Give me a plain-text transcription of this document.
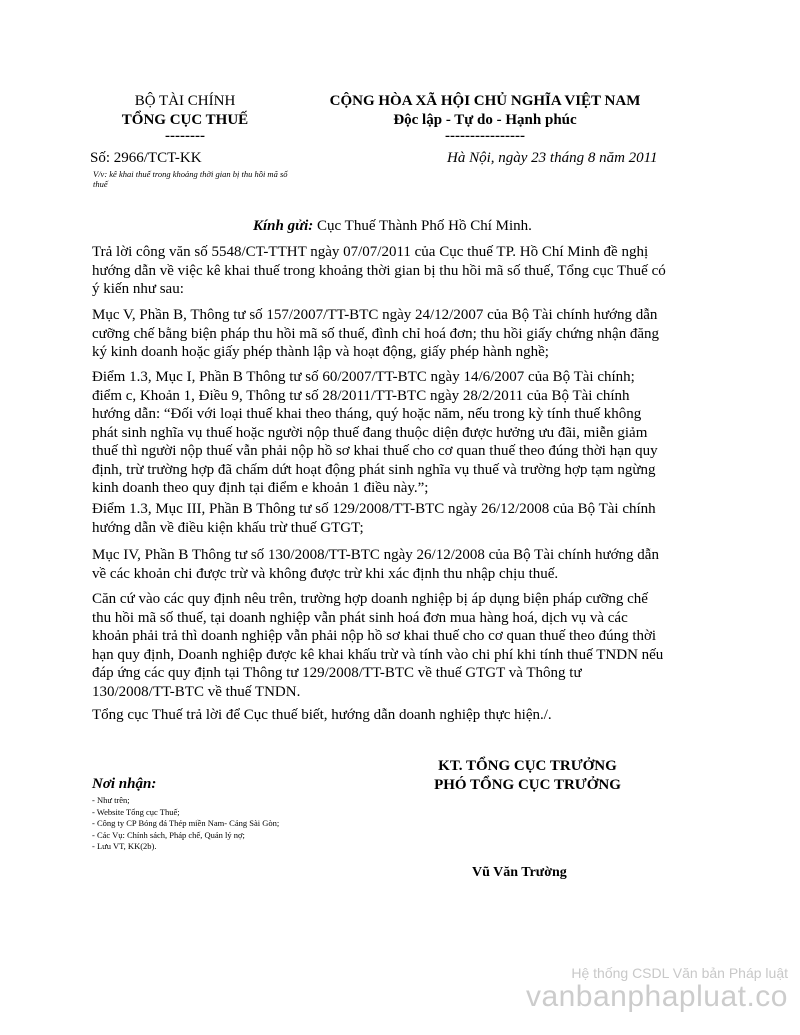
BỘ TÀI CHÍNH
TỔNG CỤC THUẾ
--------
CỘNG HÒA XÃ HỘI CHỦ NGHĨA VIỆT NAM
Độc lập - Tự do - Hạnh phúc
----------------
Số: 2966/TCT-KK	Hà Nội, ngày 23 tháng 8 năm 2011
V/v: kê khai thuế trong khoảng thời gian bị thu hồi mã số thuế
Kính gửi: Cục Thuế Thành Phố Hồ Chí Minh.
Trả lời công văn số 5548/CT-TTHT ngày 07/07/2011 của Cục thuế TP. Hồ Chí Minh đề nghị hướng dẫn về việc kê khai thuế trong khoảng thời gian bị thu hồi mã số thuế, Tổng cục Thuế có ý kiến như sau:
Mục V, Phần B, Thông tư số 157/2007/TT-BTC ngày 24/12/2007 của Bộ Tài chính hướng dẫn cưỡng chế bằng biện pháp thu hồi mã số thuế, đình chỉ hoá đơn; thu hồi giấy chứng nhận đăng ký kinh doanh hoặc giấy phép thành lập và hoạt động, giấy phép hành nghề;
Điểm 1.3, Mục I, Phần B Thông tư số 60/2007/TT-BTC ngày 14/6/2007 của Bộ Tài chính; điểm c, Khoản 1, Điều 9, Thông tư số 28/2011/TT-BTC ngày 28/2/2011 của Bộ Tài chính hướng dẫn: “Đối với loại thuế khai theo tháng, quý hoặc năm, nếu trong kỳ tính thuế không phát sinh nghĩa vụ thuế hoặc người nộp thuế đang thuộc diện được hưởng ưu đãi, miễn giảm thuế thì người nộp thuế vẫn phải nộp hồ sơ khai thuế cho cơ quan thuế theo đúng thời hạn quy định, trừ trường hợp đã chấm dứt hoạt động phát sinh nghĩa vụ thuế và trường hợp tạm ngừng kinh doanh theo quy định tại điểm e khoản 1 điều này.”;
Điểm 1.3, Mục III, Phần B Thông tư số 129/2008/TT-BTC ngày 26/12/2008 của Bộ Tài chính hướng dẫn về điều kiện khấu trừ thuế GTGT;
Mục IV, Phần B Thông tư số 130/2008/TT-BTC ngày 26/12/2008 của Bộ Tài chính hướng dẫn về các khoản chi được trừ và không được trừ khi xác định thu nhập chịu thuế.
Căn cứ vào các quy định nêu trên, trường hợp doanh nghiệp bị áp dụng biện pháp cưỡng chế thu hồi mã số thuế, tại doanh nghiệp vẫn phát sinh hoá đơn mua hàng hoá, dịch vụ và các khoản phải trả thì doanh nghiệp vẫn phải nộp hồ sơ khai thuế cho cơ quan thuế theo đúng thời hạn quy định, Doanh nghiệp được kê khai khấu trừ và tính vào chi phí khi tính thuế TNDN nếu đáp ứng các quy định tại Thông tư 129/2008/TT-BTC về thuế GTGT và Thông tư 130/2008/TT-BTC về thuế TNDN.
Tổng cục Thuế trả lời để Cục thuế biết, hướng dẫn doanh nghiệp thực hiện./.
KT. TỔNG CỤC TRƯỞNG
PHÓ TỔNG CỤC TRƯỞNG
Nơi nhận:
- Như trên;
- Website Tổng cục Thuế;
- Công ty CP Bóng đá Thép miền Nam- Cảng Sài Gòn;
- Các Vụ: Chính sách, Pháp chế, Quản lý nợ;
- Lưu VT, KK(2b).
Vũ Văn Trường
Hệ thống CSDL Văn bản Pháp luật
vanbanphapluat.co
